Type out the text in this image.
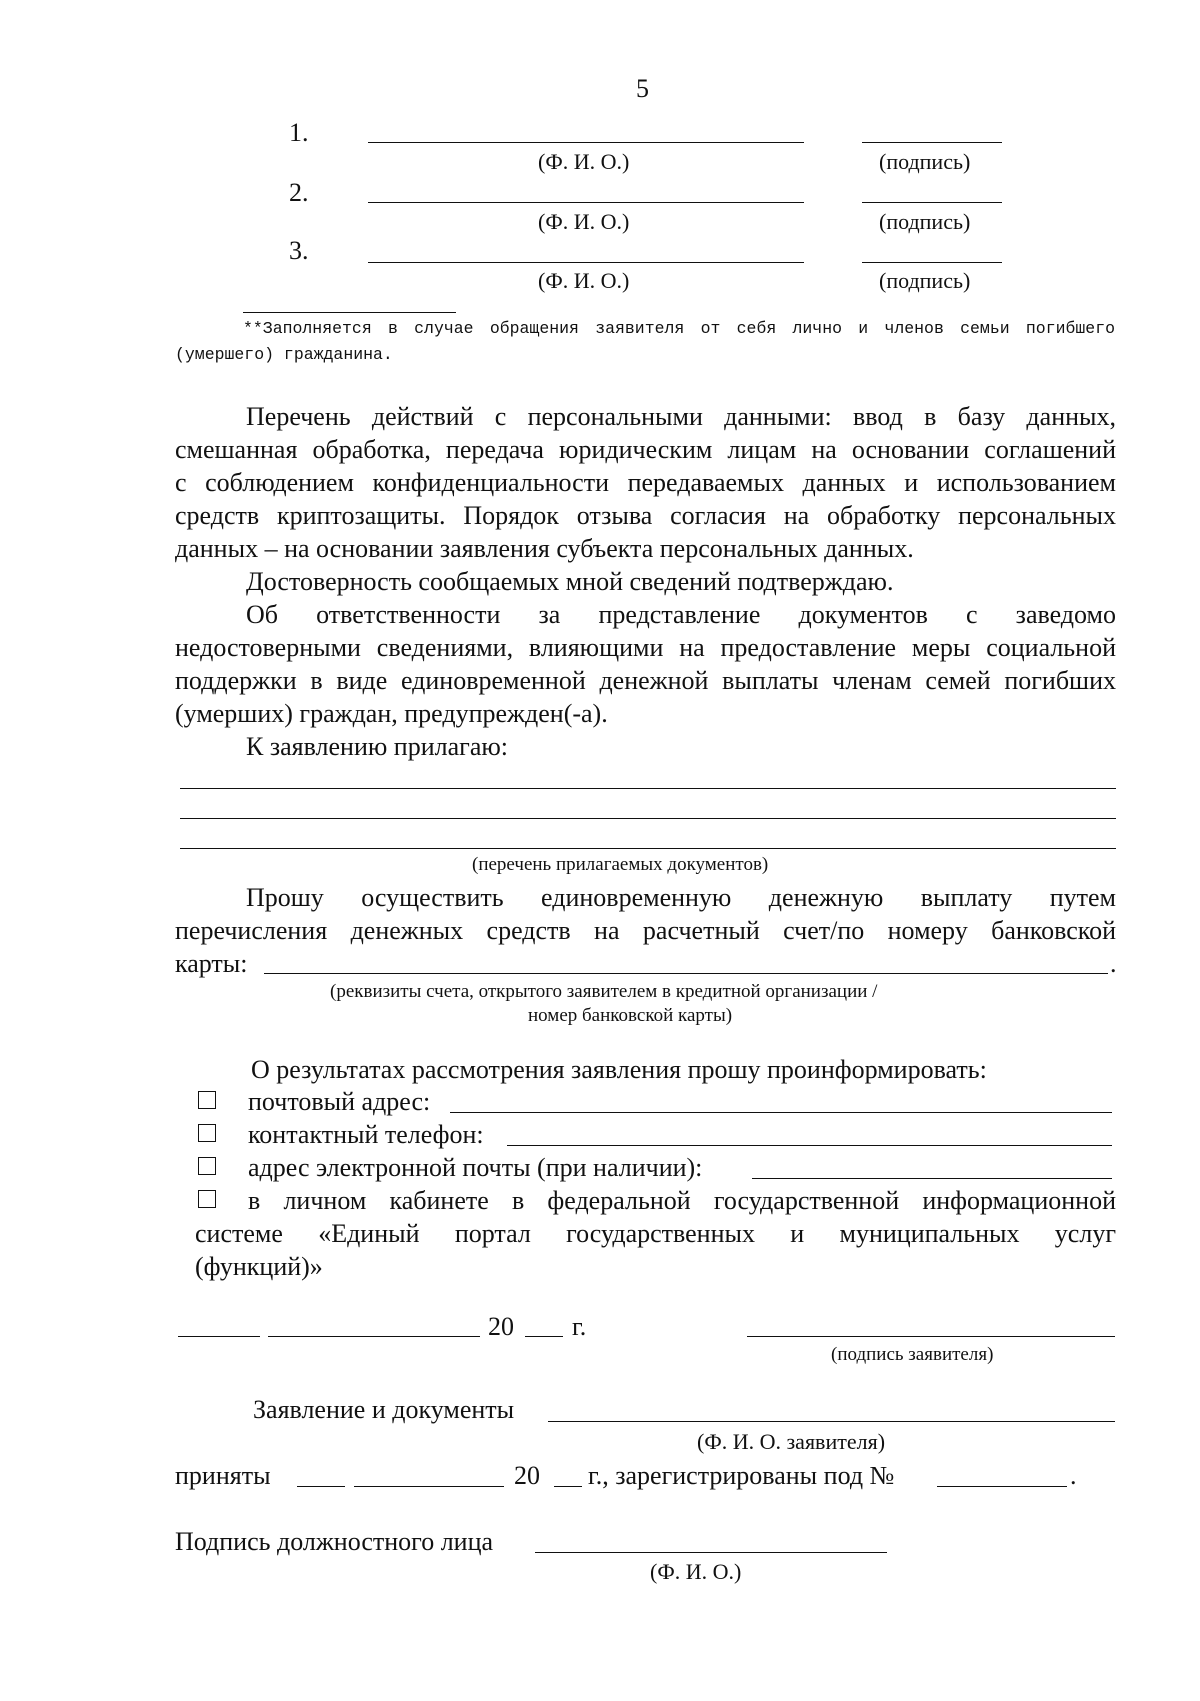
5
1.
(Ф. И. О.)	(подпись)
2.
(Ф. И. О.)	(подпись)
3.
(Ф. И. О.)	(подпись)
**Заполняется в случае обращения заявителя от себя лично и членов семьи погибшего
(умершего) гражданина.
Перечень действий с персональными данными: ввод в базу данных,
смешанная обработка, передача юридическим лицам на основании соглашений
с соблюдением конфиденциальности передаваемых данных и использованием
средств криптозащиты. Порядок отзыва согласия на обработку персональных
данных – на основании заявления субъекта персональных данных.
Достоверность сообщаемых мной сведений подтверждаю.
Об ответственности за представление документов с заведомо
недостоверными сведениями, влияющими на предоставление меры социальной
поддержки в виде единовременной денежной выплаты членам семей погибших
(умерших) граждан, предупрежден(-а).
К заявлению прилагаю:
(перечень прилагаемых документов)
Прошу осуществить единовременную денежную выплату путем
перечисления денежных средств на расчетный счет/по номеру банковской
карты:	.
(реквизиты счета, открытого заявителем в кредитной организации /
номер банковской карты)
О результатах рассмотрения заявления прошу проинформировать:
почтовый адрес:
контактный телефон:
адрес электронной почты (при наличии):
в личном кабинете в федеральной государственной информационной
системе «Единый портал государственных и муниципальных услуг
(функций)»
20 г.
(подпись заявителя)
Заявление и документы
(Ф. И. О. заявителя)
приняты	20 г., зарегистрированы под №	.
Подпись должностного лица
(Ф. И. О.)
